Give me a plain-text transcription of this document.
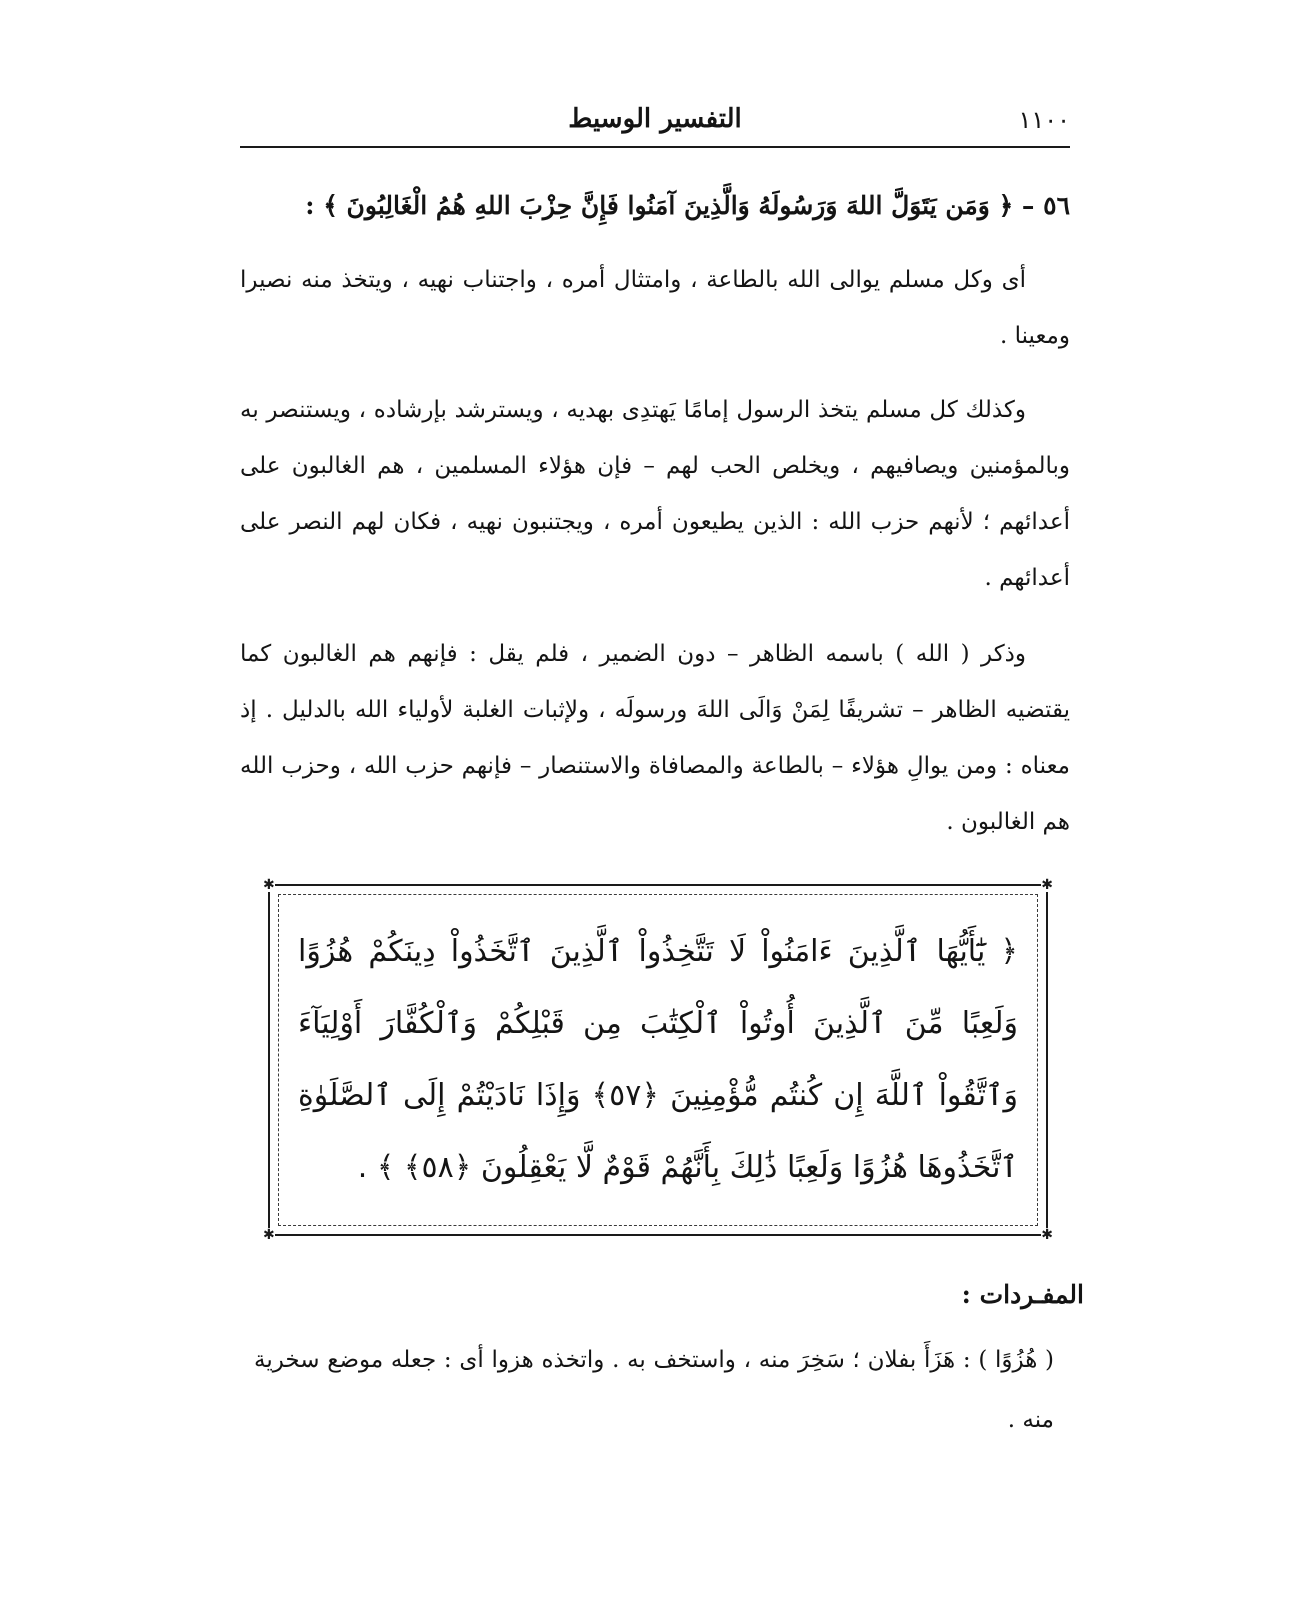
١١٠٠
التفسير الوسيط
٥٦ – ﴿ وَمَن يَتَوَلَّ اللهَ وَرَسُولَهُ وَالَّذِينَ آمَنُوا فَإِنَّ حِزْبَ اللهِ هُمُ الْغَالِبُونَ ﴾ :

أى وكل مسلم يوالى الله بالطاعة ، وامتثال أمره ، واجتناب نهيه ، ويتخذ منه نصيرا ومعينا .

وكذلك كل مسلم يتخذ الرسول إمامًا يَهتدِى بهديه ، ويسترشد بإرشاده ، ويستنصر به وبالمؤمنين ويصافيهم ، ويخلص الحب لهم – فإن هؤلاء المسلمين ، هم الغالبون على أعدائهم ؛ لأنهم حزب الله : الذين يطيعون أمره ، ويجتنبون نهيه ، فكان لهم النصر على أعدائهم .

وذكر ( الله ) باسمه الظاهر – دون الضمير ، فلم يقل : فإنهم هم الغالبون كما يقتضيه الظاهر – تشريفًا لِمَنْ وَالَى اللهَ ورسولَه ، ولإثبات الغلبة لأولياء الله بالدليل . إذ معناه : ومن يوالِ هؤلاء – بالطاعة والمصافاة والاستنصار – فإنهم حزب الله ، وحزب الله هم الغالبون .

✱	✱
✱	✱
﴿ يَٰٓأَيُّهَا ٱلَّذِينَ ءَامَنُواْ لَا تَتَّخِذُواْ ٱلَّذِينَ ٱتَّخَذُواْ دِينَكُمْ هُزُوًا وَلَعِبًا مِّنَ ٱلَّذِينَ أُوتُواْ ٱلْكِتَٰبَ مِن قَبْلِكُمْ وَٱلْكُفَّارَ أَوْلِيَآءَ وَٱتَّقُواْ ٱللَّهَ إِن كُنتُم مُّؤْمِنِينَ ﴿٥٧﴾ وَإِذَا نَادَيْتُمْ إِلَى ٱلصَّلَوٰةِ ٱتَّخَذُوهَا هُزُوًا وَلَعِبًا ذَٰلِكَ بِأَنَّهُمْ قَوْمٌ لَّا يَعْقِلُونَ ﴿٥٨﴾ ﴾ .
المفـردات :

( هُزُوًا ) : هَزَأَ بفلان ؛ سَخِرَ منه ، واستخف به . واتخذه هزوا أى : جعله موضع سخرية منه .
